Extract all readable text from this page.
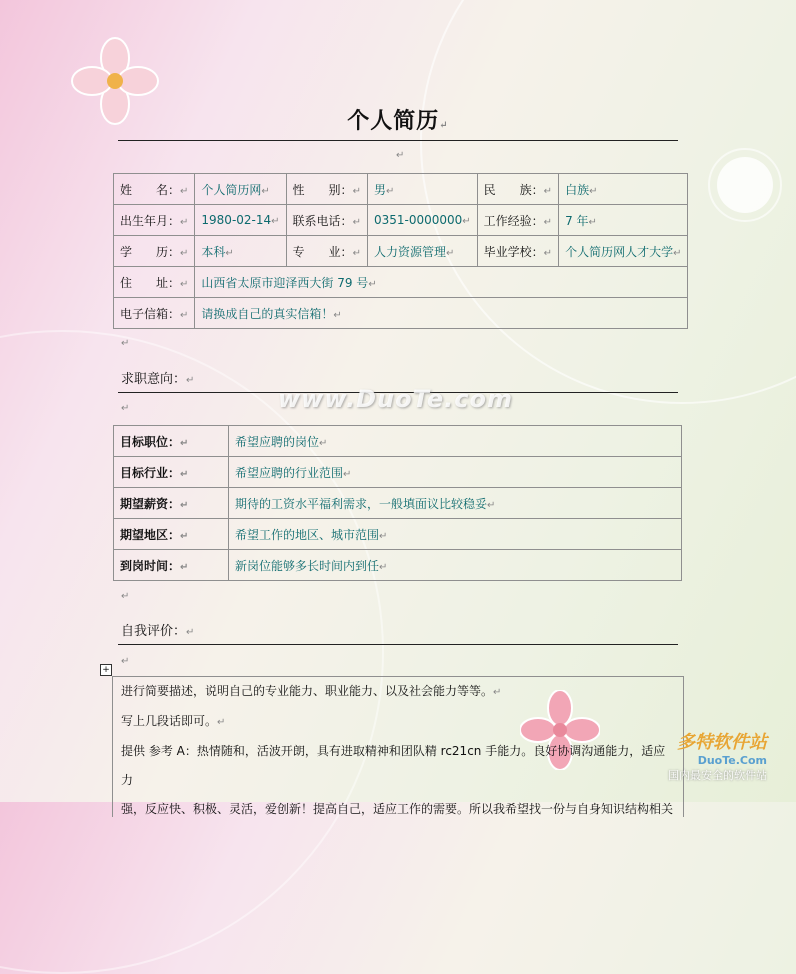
个人简历↵
↵
姓　　名：↵	个人简历网↵	性　　别：↵	男↵	民　　族：↵	白族↵
出生年月：↵	1980-02-14↵	联系电话：↵	0351-0000000↵	工作经验：↵	7 年↵
学　　历：↵	本科↵	专　　业：↵	人力资源管理↵	毕业学校：↵	个人简历网人才大学↵
住　　址：↵	山西省太原市迎泽西大街 79 号↵				
电子信箱：↵	请换成自己的真实信箱！↵				
↵
求职意向：↵
↵
目标职位：↵	希望应聘的岗位↵
目标行业：↵	希望应聘的行业范围↵
期望薪资：↵	期待的工资水平福利需求，一般填面议比较稳妥↵
期望地区：↵	希望工作的地区、城市范围↵
到岗时间：↵	新岗位能够多长时间内到任↵
↵
自我评价：↵
+
↵

进行简要描述，说明自己的专业能力、职业能力、以及社会能力等等。↵

写上几段话即可。↵

提供 参考 A：热情随和，活波开朗，具有进取精神和团队精 rc21cn 手能力。良好协调沟通能力，适应力

强，反应快、积极、灵活，爱创新！提高自己，适应工作的需要。所以我希望找一份与自身知识结构相关

www.DuoTe.com
多特软件站
DuoTe.Com
国内最安全的软件站
